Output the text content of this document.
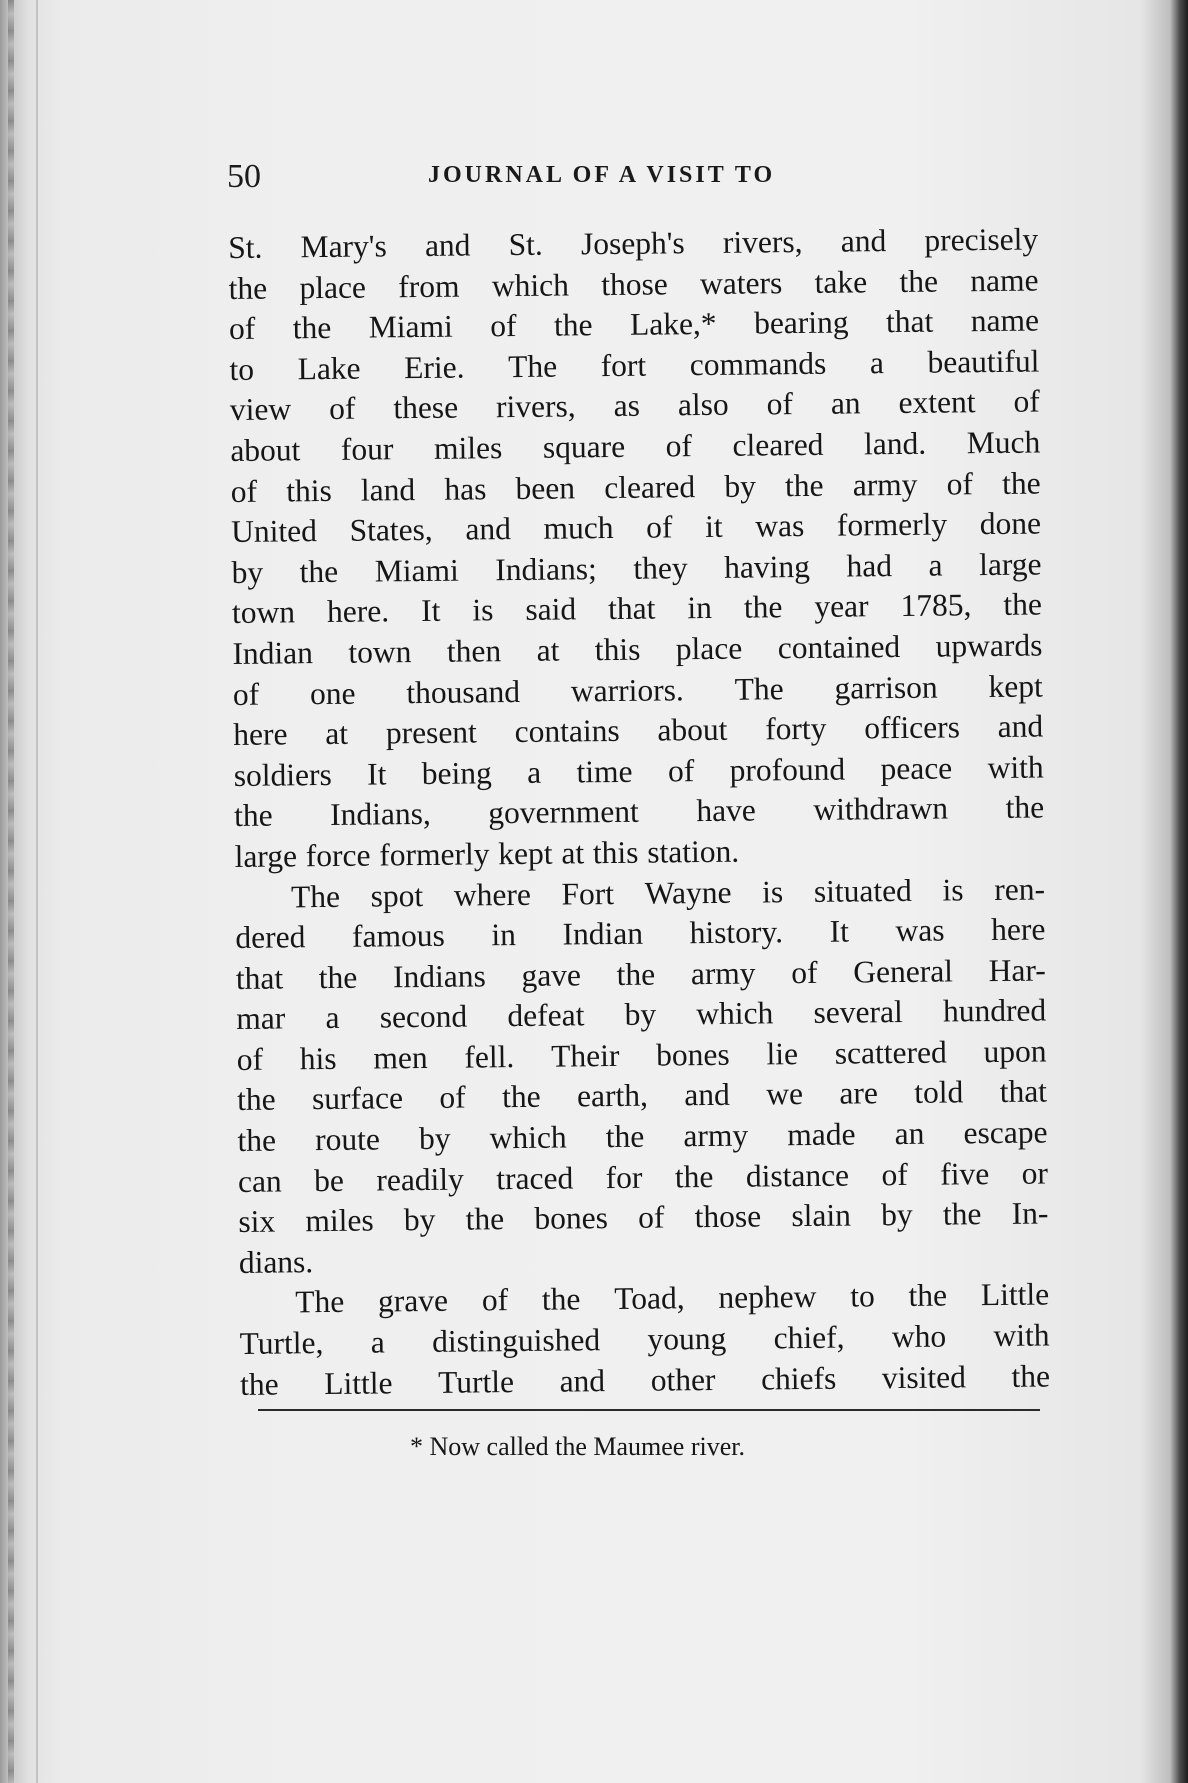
50	JOURNAL OF A VISIT TO
St. Mary's and St. Joseph's rivers, and precisely
the place from which those waters take the name
of the Miami of the Lake,* bearing that name
to Lake Erie. The fort commands a beautiful
view of these rivers, as also of an extent of
about four miles square of cleared land. Much
of this land has been cleared by the army of the
United States, and much of it was formerly done
by the Miami Indians; they having had a large
town here. It is said that in the year 1785, the
Indian town then at this place contained upwards
of one thousand warriors. The garrison kept
here at present contains about forty officers and
soldiers It being a time of profound peace with
the Indians, government have withdrawn the
large force formerly kept at this station.
The spot where Fort Wayne is situated is ren-
dered famous in Indian history. It was here
that the Indians gave the army of General Har-
mar a second defeat by which several hundred
of his men fell. Their bones lie scattered upon
the surface of the earth, and we are told that
the route by which the army made an escape
can be readily traced for the distance of five or
six miles by the bones of those slain by the In-
dians.
The grave of the Toad, nephew to the Little
Turtle, a distinguished young chief, who with
the Little Turtle and other chiefs visited the
* Now called the Maumee river.
